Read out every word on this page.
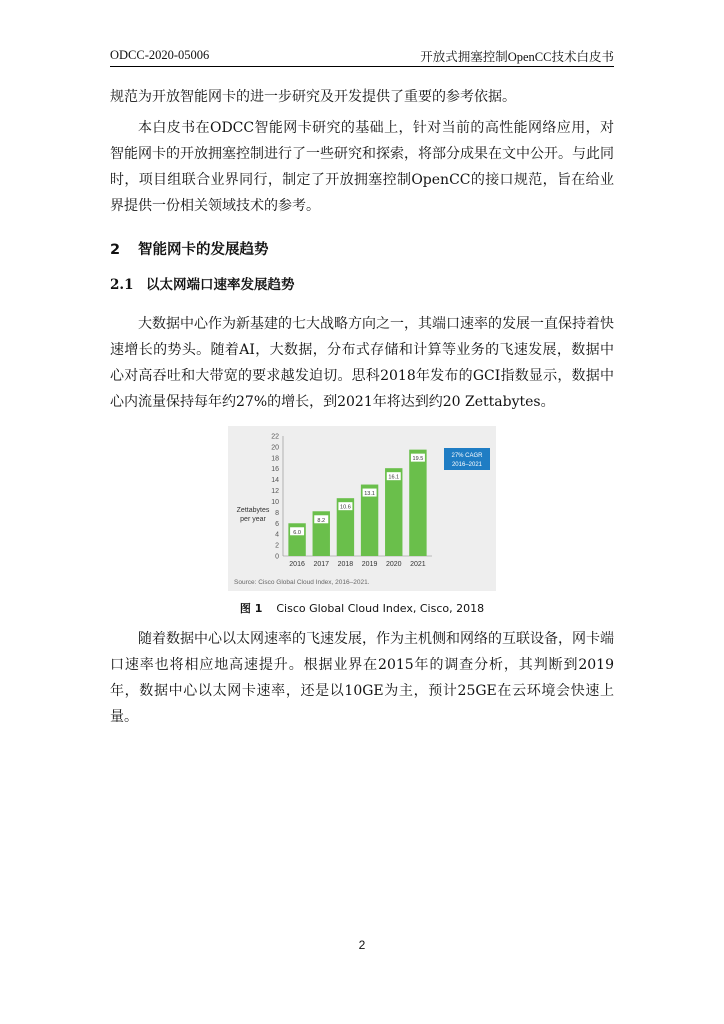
ODCC-2020-05006	开放式拥塞控制OpenCC技术白皮书

规范为开放智能网卡的进一步研究及开发提供了重要的参考依据。

本白皮书在ODCC智能网卡研究的基础上，针对当前的高性能网络应用，对智能网卡的开放拥塞控制进行了一些研究和探索，将部分成果在文中公开。与此同时，项目组联合业界同行，制定了开放拥塞控制OpenCC的接口规范，旨在给业界提供一份相关领域技术的参考。

2 智能网卡的发展趋势
2.1 以太网端口速率发展趋势

大数据中心作为新基建的七大战略方向之一，其端口速率的发展一直保持着快速增长的势头。随着AI，大数据，分布式存储和计算等业务的飞速发展，数据中心对高吞吐和大带宽的要求越发迫切。思科2018年发布的GCI指数显示，数据中心内流量保持每年约27%的增长，到2021年将达到约20 Zettabytes。

0
2
4
6
8
10
12
14
16
18
20
22
Zettabytes
per year
6.0
2016
8.2
2017
10.6
2018
13.1
2019
16.1
2020
19.5
2021
27% CAGR
2016–2021
Source: Cisco Global Cloud Index, 2016–2021.
图 1 Cisco Global Cloud Index, Cisco, 2018

随着数据中心以太网速率的飞速发展，作为主机侧和网络的互联设备，网卡端口速率也将相应地高速提升。根据业界在2015年的调查分析，其判断到2019年，数据中心以太网卡速率，还是以10GE为主，预计25GE在云环境会快速上量。

2
